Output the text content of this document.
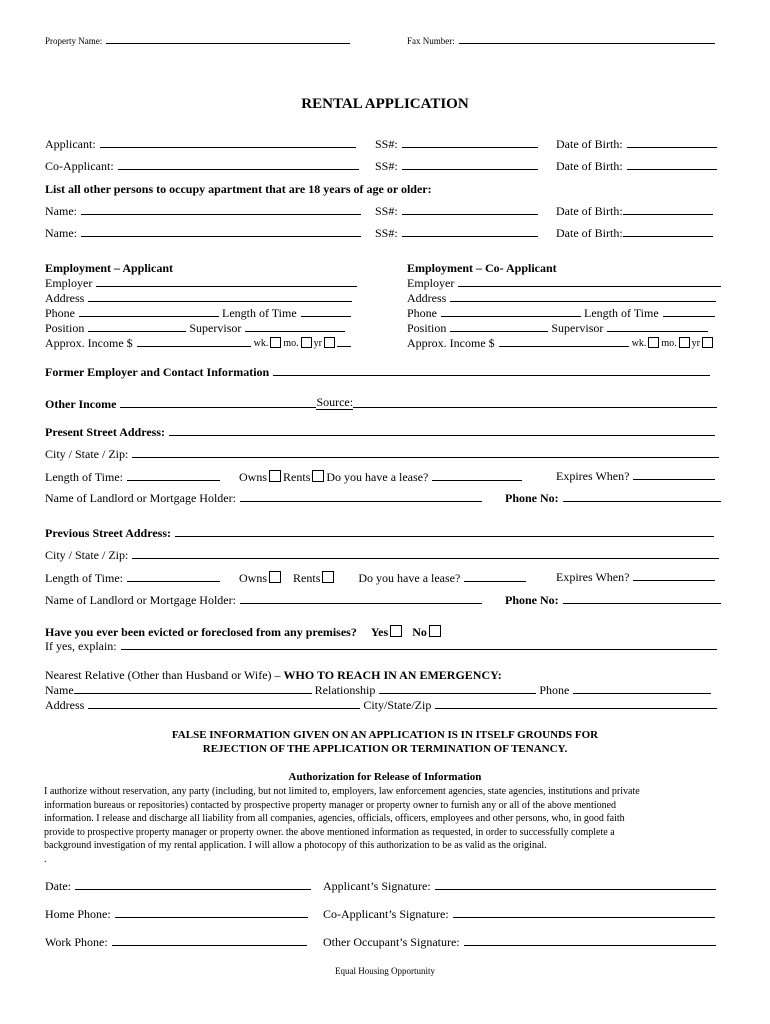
Property Name:	Fax Number:
RENTAL APPLICATION
Applicant:	SS#:	Date of Birth:
Co-Applicant:	SS#:	Date of Birth:
List all other persons to occupy apartment that are 18 years of age or older:
Name:	SS#:	Date of Birth:
Name:	SS#:	Date of Birth:
Employment – Applicant
Employer
Address
Phone	Length of Time
Position	Supervisor
Approx. Income $	wk. mo. yr
Employment – Co- Applicant
Employer
Address
Phone	Length of Time
Position	Supervisor
Approx. Income $	wk. mo. yr
Former Employer and Contact Information
Other Income	Source:
Present Street Address:
City / State / Zip:
Length of Time:	Owns Rents Do you have a lease?	Expires When?
Name of Landlord or Mortgage Holder:	Phone No:
Previous Street Address:
City / State / Zip:
Length of Time:	Owns Rents	Do you have a lease?	Expires When?
Name of Landlord or Mortgage Holder:	Phone No:
Have you ever been evicted or foreclosed from any premises? Yes No
If yes, explain:
Nearest Relative (Other than Husband or Wife) – WHO TO REACH IN AN EMERGENCY:
Name	Relationship	Phone
Address	City/State/Zip
FALSE INFORMATION GIVEN ON AN APPLICATION IS IN ITSELF GROUNDS FOR
REJECTION OF THE APPLICATION OR TERMINATION OF TENANCY.
Authorization for Release of Information
I authorize without reservation, any party (including, but not limited to, employers, law enforcement agencies, state agencies, institutions and private
information bureaus or repositories) contacted by prospective property manager or property owner to furnish any or all of the above mentioned
information. I release and discharge all liability from all companies, agencies, officials, officers, employees and other persons, who, in good faith
provide to prospective property manager or property owner. the above mentioned information as requested, in order to successfully complete a
background investigation of my rental application. I will allow a photocopy of this authorization to be as valid as the original.
.
Date:	Applicant’s Signature:
Home Phone:	Co-Applicant’s Signature:
Work Phone:	Other Occupant’s Signature:
Equal Housing Opportunity
